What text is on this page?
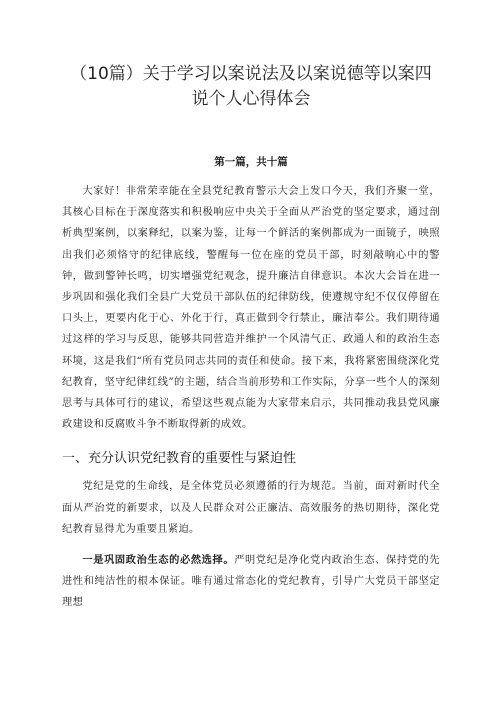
（10篇）关于学习以案说法及以案说德等以案四说个人心得体会
第一篇，共十篇

大家好！非常荣幸能在全县党纪教育警示大会上发口今天，我们齐聚一堂，其核心目标在于深度落实和积极响应中央关于全面从严治党的坚定要求，通过剖析典型案例，以案释纪，以案为鉴，让每一个鲜活的案例都成为一面镜子，映照出我们必须恪守的纪律底线，警醒每一位在座的党员干部，时刻敲响心中的警钟，做到警钟长鸣，切实增强党纪观念，提升廉洁自律意识。本次大会旨在进一步巩固和强化我们全县广大党员干部队伍的纪律防线，使遵规守纪不仅仅停留在口头上，更要内化于心、外化于行，真正做到令行禁止，廉洁奉公。我们期待通过这样的学习与反思，能够共同营造并维护一个风清气正、政通人和的政治生态环境，这是我们“所有党员同志共同的责任和使命。接下来，我将紧密围绕深化党纪教育，坚守纪律红线”的主题，结合当前形势和工作实际，分享一些个人的深刻思考与具体可行的建议，希望这些观点能为大家带来启示，共同推动我县党风廉政建设和反腐败斗争不断取得新的成效。

一、充分认识党纪教育的重要性与紧迫性

党纪是党的生命线，是全体党员必须遵循的行为规范。当前，面对新时代全面从严治党的新要求，以及人民群众对公正廉洁、高效服务的热切期待，深化党纪教育显得尤为重要且紧迫。

一是巩固政治生态的必然选择。严明党纪是净化党内政治生态、保持党的先进性和纯洁性的根本保证。唯有通过常态化的党纪教育，引导广大党员干部坚定理想
